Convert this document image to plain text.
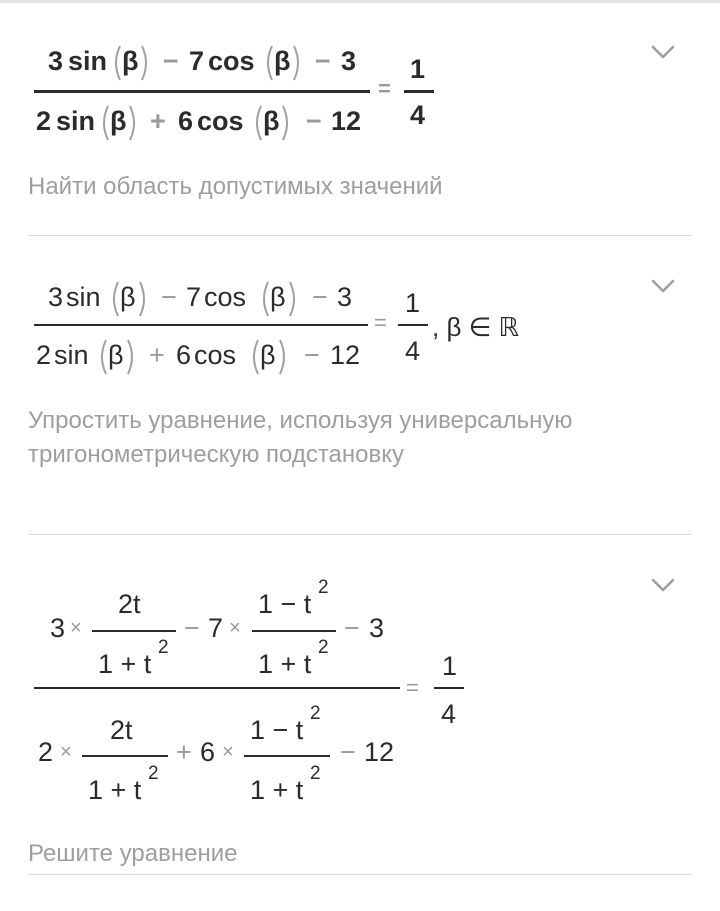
3 sin β − 7 cos β − 3
2 sin β + 6 cos β − 12
=
1
4
Найти область допустимых значений
3 sin β − 7 cos β − 3
2 sin β + 6 cos β − 12
=
1
4
, β ∈ ℝ
Упростить уравнение, используя универсальную тригонометрическую подстановку
3 ×
2t
1 + t
2
− 7 ×
1 − t
2
1 + t
2
− 3
2 ×
2t
1 + t
2
+ 6 ×
1 − t
2
1 + t
2
− 12
=
1
4
Решите уравнение
